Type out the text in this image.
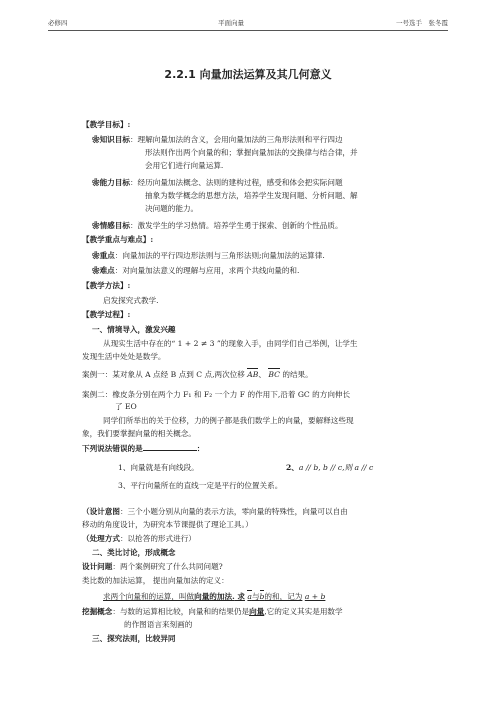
必修四	平面向量	一号选手　张冬霞
2.2.1 向量加法运算及其几何意义
【教学目标】:
❀知识目标：理解向量加法的含义，会用向量加法的三角形法则和平行四边
形法则作出两个向量的和；掌握向量加法的交换律与结合律，并
会用它们进行向量运算.
❀能力目标：经历向量加法概念、法则的建构过程，感受和体会把实际问题
抽象为数学概念的思想方法，培养学生发现问题、分析问题、解
决问题的能力。
❀情感目标：激发学生的学习热情。培养学生勇于探索、创新的个性品质。
【教学重点与难点】:
❀重点：向量加法的平行四边形法则与三角形法则;向量加法的运算律.
❀难点：对向量加法意义的理解与应用，求两个共线向量的和.
【教学方法】:
启发探究式教学.
【教学过程】:
一、情境导入，激发兴趣
从现实生活中存在的“ 1 + 2 ≠ 3 ”的现象入手，由同学们自己举例，让学生
发现生活中处处是数学。
案例一：某对象从 A 点经 B 点到 C 点,两次位移 AB、 BC 的结果。
案例二：橡皮条分别在两个力 F₁ 和 F₂ 一个力 F 的作用下,沿着 GC 的方向伸长
了 EO
同学们所举出的关于位移，力的例子都是我们数学上的向量，要解释这些现
象，我们要掌握向量的相关概念。
下列说法错误的是	：
1、向量就是有向线段。	2、a // b, b // c,则 a // c
3、平行向量所在的直线一定是平行的位置关系。
（设计意图：三个小题分别从向量的表示方法，零向量的特殊性，向量可以自由
移动的角度设计，为研究本节课提供了理论工具。）
（处理方式：以抢答的形式进行）
二、类比讨论，形成概念
设计问题：两个案例研究了什么共同问题?
类比数的加法运算， 提出向量加法的定义：
求两个向量和的运算，叫做向量的加法. 求 a与b的和，记为 a + b
挖掘概念：与数的运算相比较，向量和的结果仍是向量,它的定义其实是用数学
的作图语言来刻画的
三、探究法则，比较异同
